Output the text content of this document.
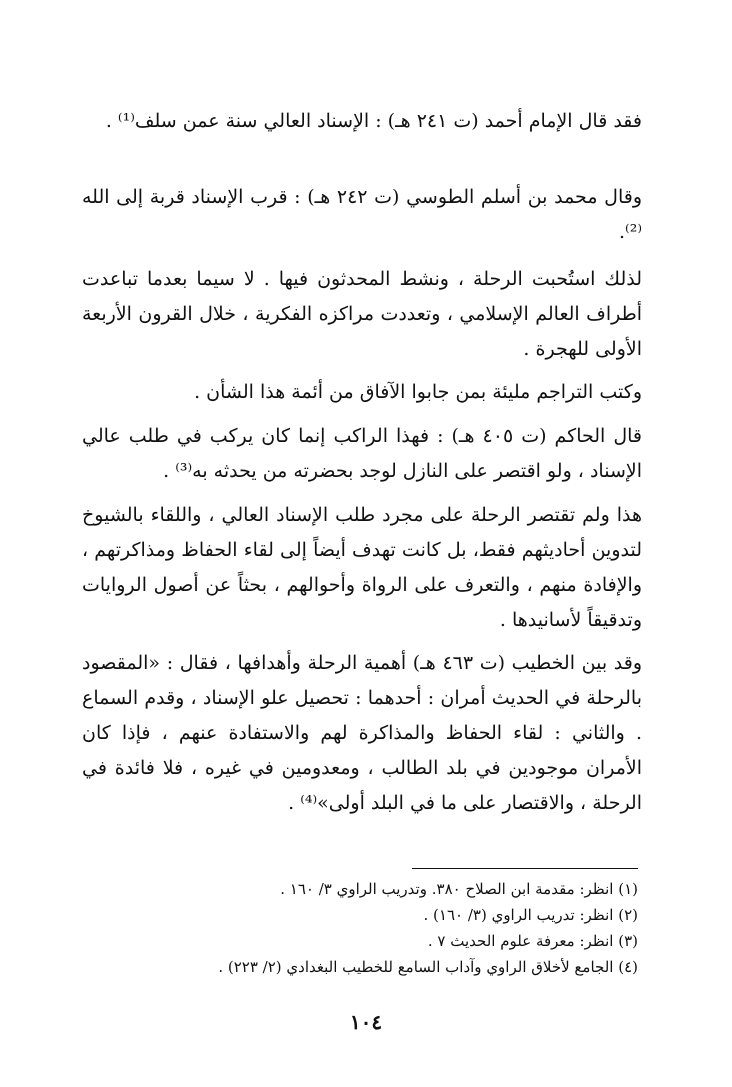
فقد قال الإمام أحمد (ت ٢٤١ هـ) : الإسناد العالي سنة عمن سلف⁽¹⁾ .

وقال محمد بن أسلم الطوسي (ت ٢٤٢ هـ) : قرب الإسناد قربة إلى الله ⁽²⁾.

لذلك استُحبت الرحلة ، ونشط المحدثون فيها . لا سيما بعدما تباعدت أطراف العالم الإسلامي ، وتعددت مراكزه الفكرية ، خلال القرون الأربعة الأولى للهجرة .

وكتب التراجم مليئة بمن جابوا الآفاق من أئمة هذا الشأن .

قال الحاكم (ت ٤٠٥ هـ) : فهذا الراكب إنما كان يركب في طلب عالي الإسناد ، ولو اقتصر على النازل لوجد بحضرته من يحدثه به⁽³⁾ .

هذا ولم تقتصر الرحلة على مجرد طلب الإسناد العالي ، واللقاء بالشيوخ لتدوين أحاديثهم فقط، بل كانت تهدف أيضاً إلى لقاء الحفاظ ومذاكرتهم ، والإفادة منهم ، والتعرف على الرواة وأحوالهم ، بحثاً عن أصول الروايات وتدقيقاً لأسانيدها .

وقد بين الخطيب (ت ٤٦٣ هـ) أهمية الرحلة وأهدافها ، فقال : «المقصود بالرحلة في الحديث أمران : أحدهما : تحصيل علو الإسناد ، وقدم السماع . والثاني : لقاء الحفاظ والمذاكرة لهم والاستفادة عنهم ، فإذا كان الأمران موجودين في بلد الطالب ، ومعدومين في غيره ، فلا فائدة في الرحلة ، والاقتصار على ما في البلد أولى»⁽⁴⁾ .

(١) انظر: مقدمة ابن الصلاح ٣٨٠. وتدريب الراوي ٣/ ١٦٠ .
(٢) انظر: تدريب الراوي (٣/ ١٦٠) .
(٣) انظر: معرفة علوم الحديث ٧ .
(٤) الجامع لأخلاق الراوي وآداب السامع للخطيب البغدادي (٢/ ٢٢٣) .
١٠٤
